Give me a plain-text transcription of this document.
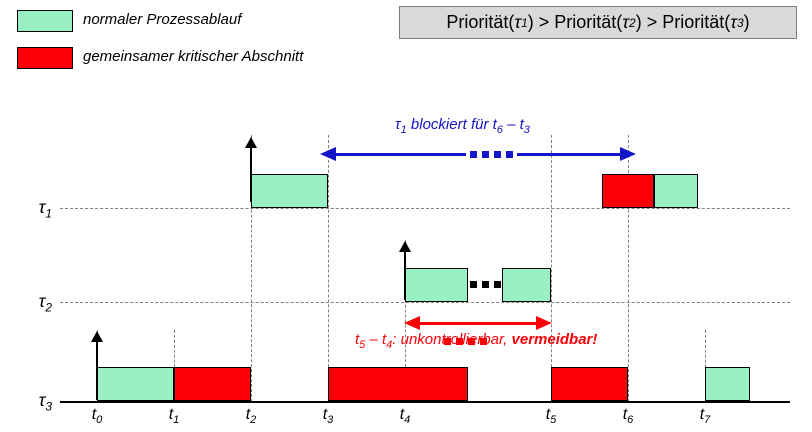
normaler Prozessablauf
gemeinsamer kritischer Abschnitt
Priorität( τ 1 ) > Priorität( τ 2 ) > Priorität( τ 3 )
$\tau_1$
$\tau_2$
$\tau_3$	$t_0$	$t_1$	$t_2$	$t_3$	$t_4$	$t_5$	$t_6$	$t_7$
$\tau_1$ blockiert für $t_6 - t_3$
$t_5 - t_4$: unkontrollierbar, vermeidbar!
